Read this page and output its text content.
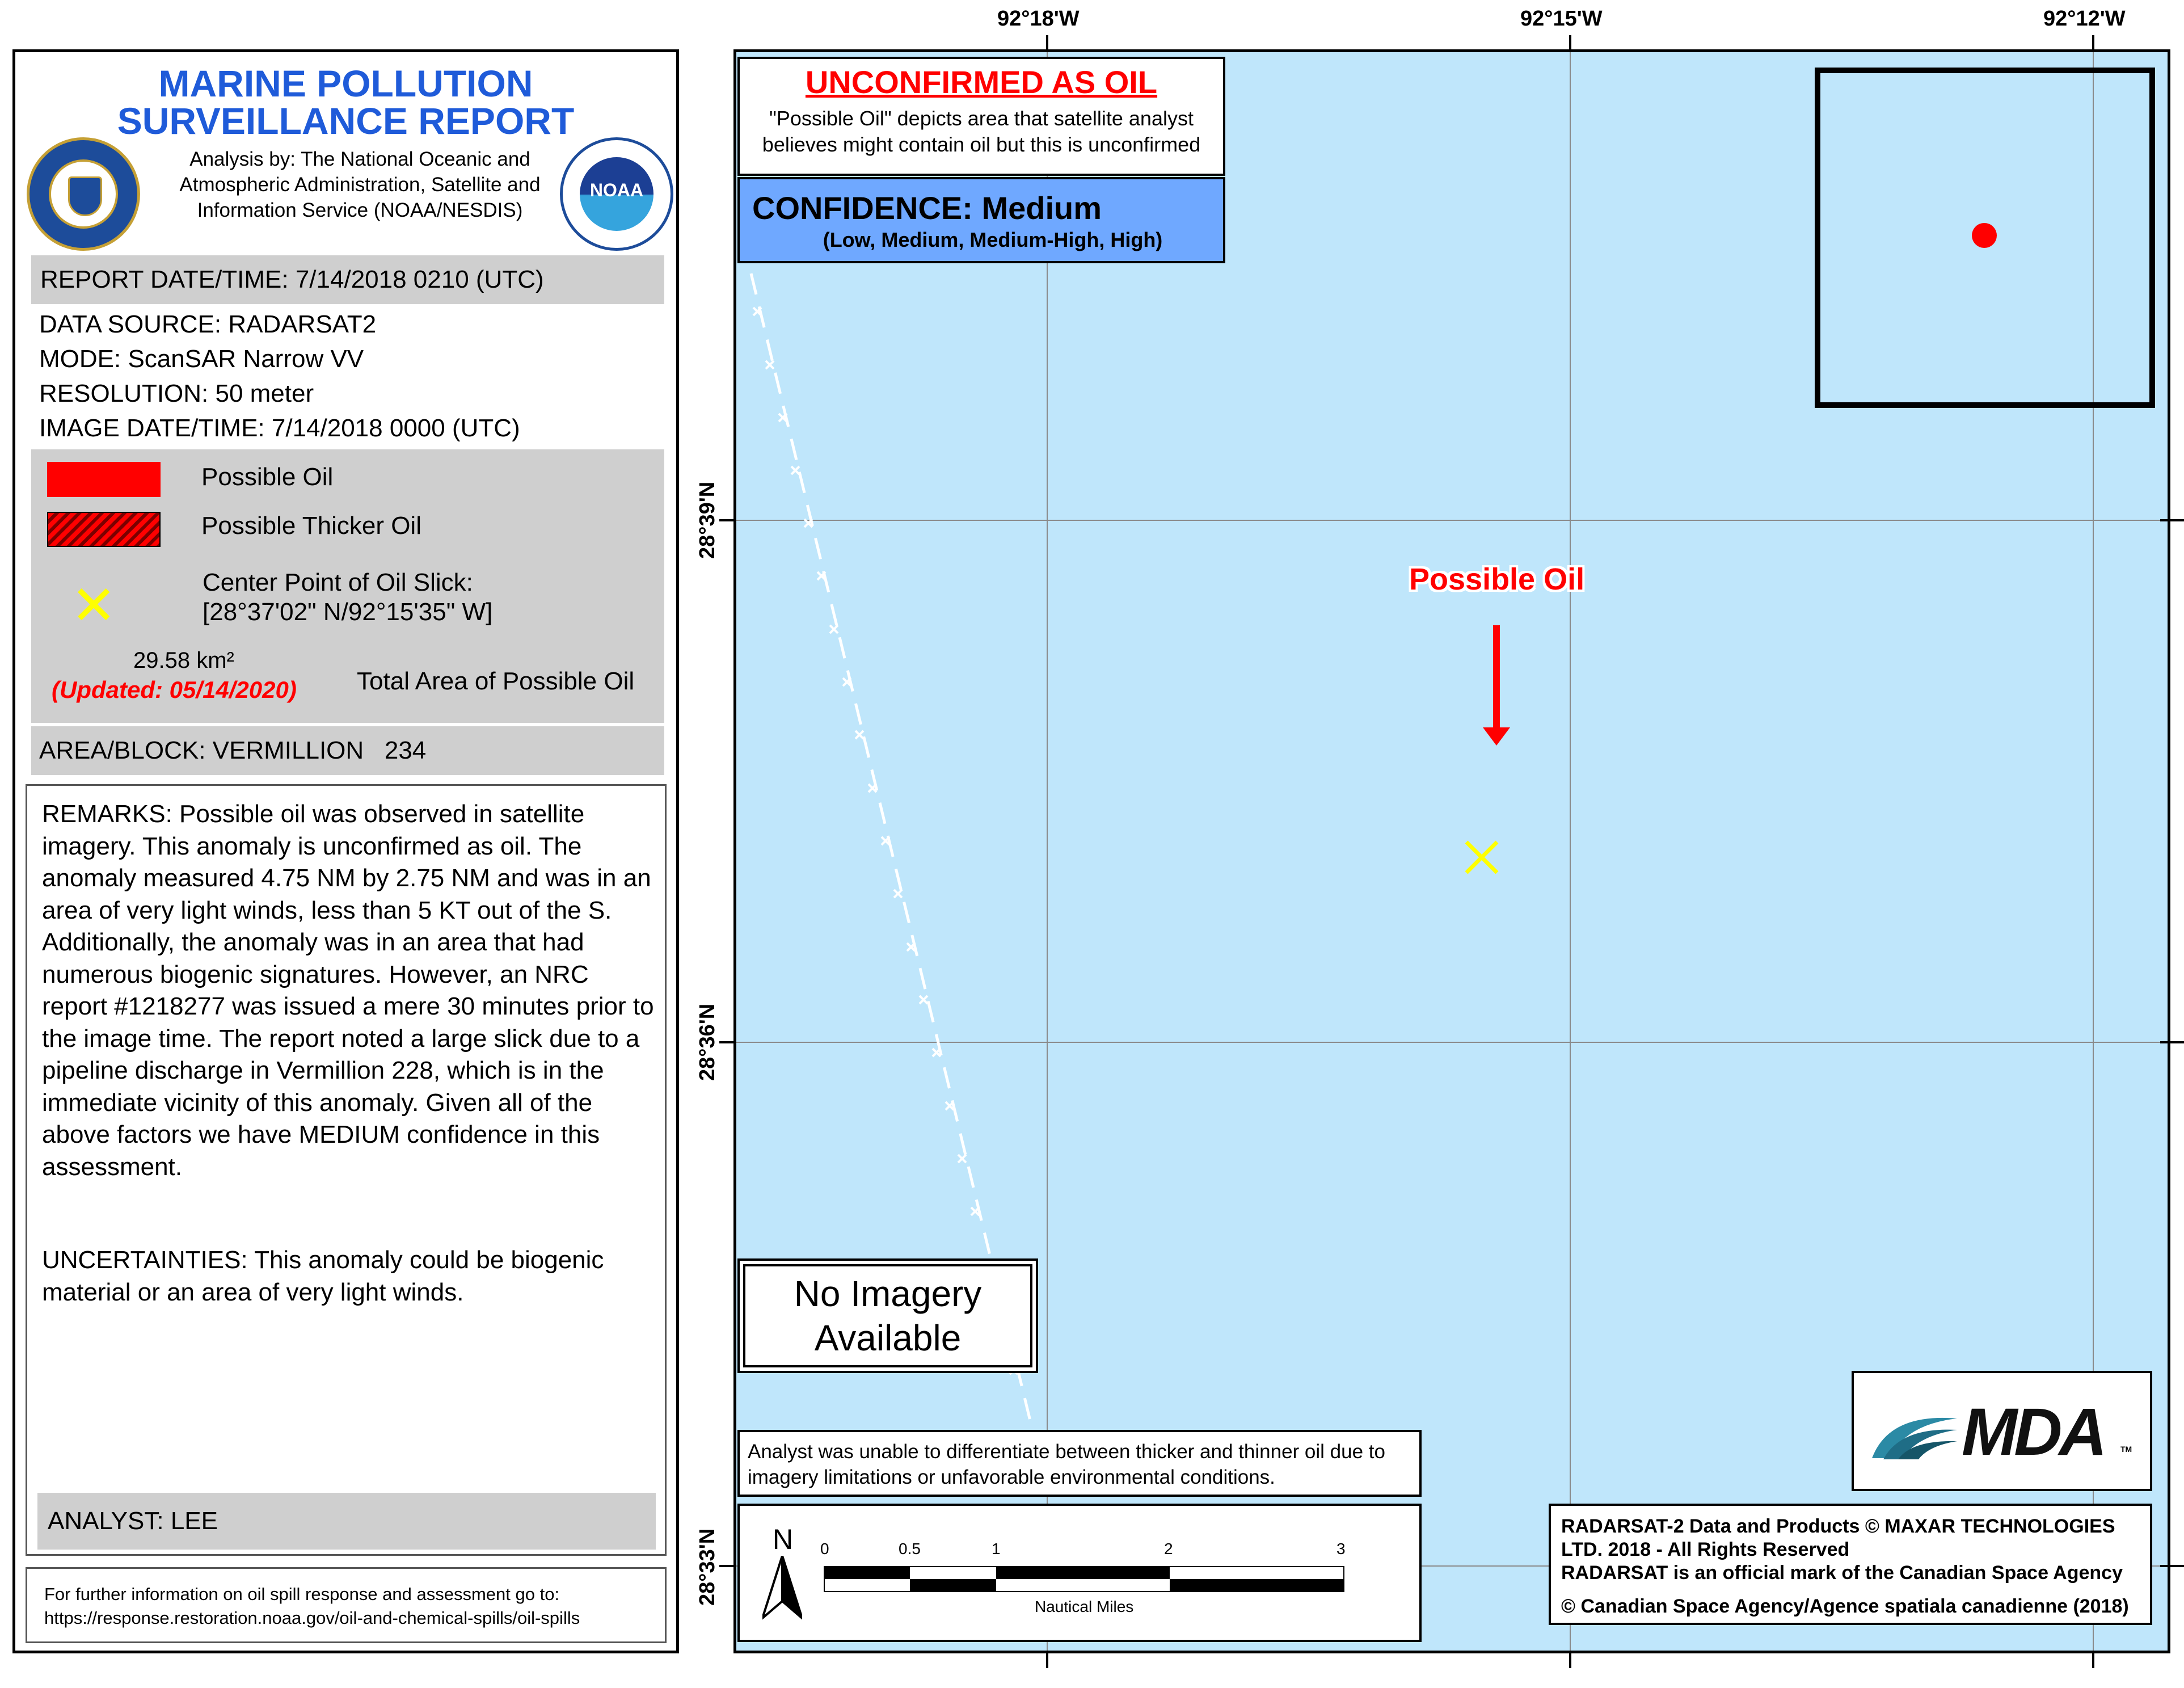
MARINE POLLUTION
SURVEILLANCE REPORT
Analysis by: The National Oceanic and Atmospheric Administration, Satellite and Information Service (NOAA/NESDIS)
NOAA
REPORT DATE/TIME: 7/14/2018 0210 (UTC)
DATA SOURCE: RADARSAT2
MODE: ScanSAR Narrow VV
RESOLUTION: 50 meter
IMAGE DATE/TIME: 7/14/2018 0000 (UTC)
Possible Oil
Possible Thicker Oil
✕	Center Point of Oil Slick:
[28°37'02" N/92°15'35" W]
29.58 km²
(Updated: 05/14/2020) Total Area of Possible Oil
AREA/BLOCK: VERMILLION   234
REMARKS: Possible oil was observed in satellite imagery. This anomaly is unconfirmed as oil. The anomaly measured 4.75 NM by 2.75 NM and was in an area of very light winds, less than 5 KT out of the S. Additionally, the anomaly was in an area that had numerous biogenic signatures. However, an NRC report #1218277 was issued a mere 30 minutes prior to the image time. The report noted a large slick due to a pipeline discharge in Vermillion 228, which is in the immediate vicinity of this anomaly. Given all of the above factors we have MEDIUM confidence in this assessment.
UNCERTAINTIES: This anomaly could be biogenic material or an area of very light winds.
ANALYST: LEE
For further information on oil spill response and assessment go to:
https://response.restoration.noaa.gov/oil-and-chemical-spills/oil-spills
92°18'W	92°15'W	92°12'W
28°39'N
28°36'N
28°33'N
UNCONFIRMED AS OIL
"Possible Oil" depicts area that satellite analyst
believes might contain oil but this is unconfirmed
CONFIDENCE: Medium
(Low, Medium, Medium-High, High)
Possible Oil
No Imagery
Available
Analyst was unable to differentiate between thicker and thinner oil due to imagery limitations or unfavorable environmental conditions.
N 0	0.5	1	2	3
Nautical Miles
MDA TM
RADARSAT-2 Data and Products © MAXAR TECHNOLOGIES
LTD. 2018 - All Rights Reserved
RADARSAT is an official mark of the Canadian Space Agency
© Canadian Space Agency/Agence spatiala canadienne (2018)
